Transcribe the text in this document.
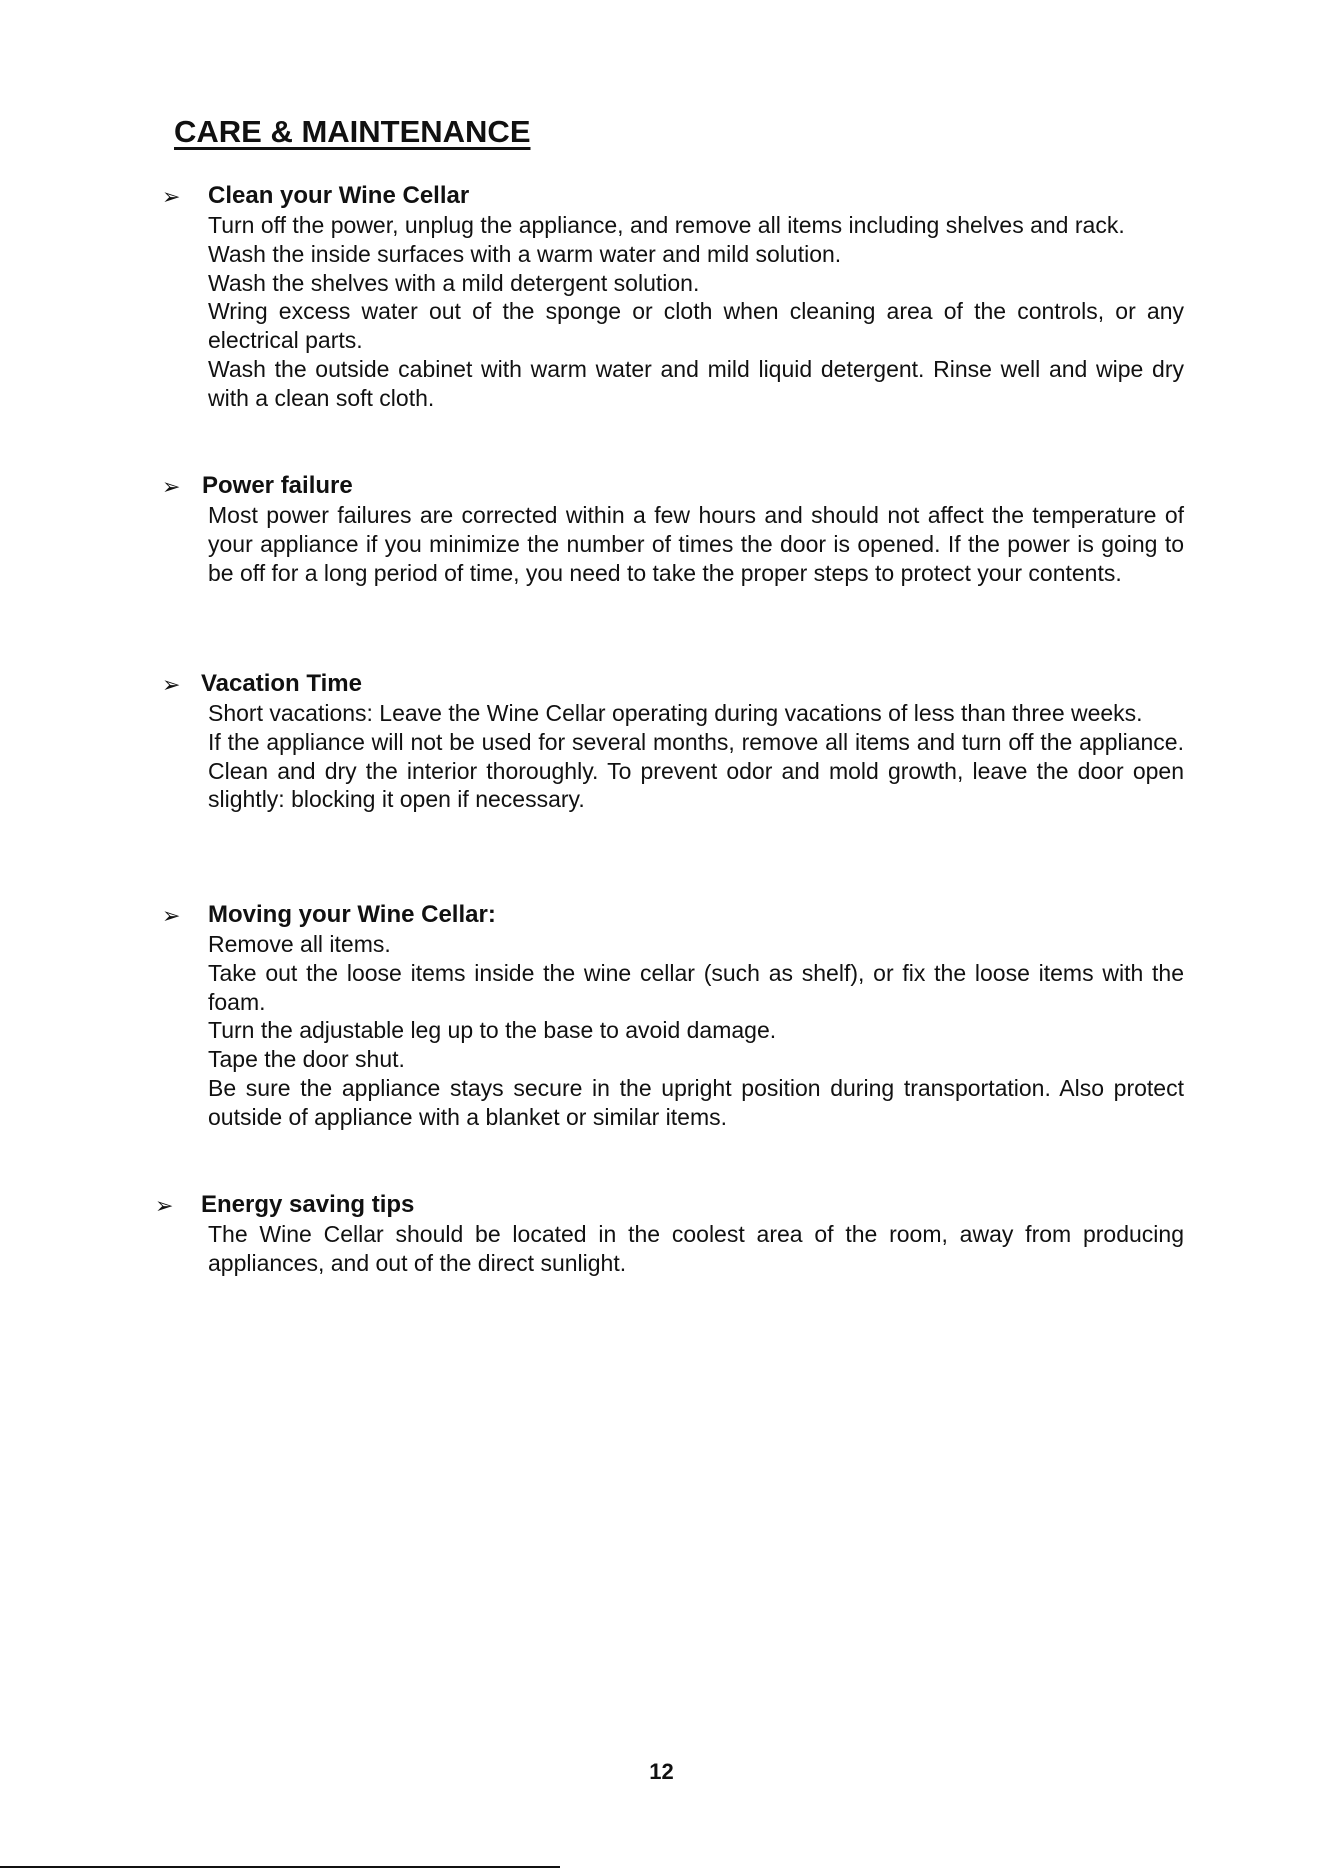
CARE & MAINTENANCE
➢ Clean your Wine Cellar

Turn off the power, unplug the appliance, and remove all items including shelves and rack.

Wash the inside surfaces with a warm water and mild solution.

Wash the shelves with a mild detergent solution.

Wring excess water out of the sponge or cloth when cleaning area of the controls, or any electrical parts.

Wash the outside cabinet with warm water and mild liquid detergent. Rinse well and wipe dry with a clean soft cloth.

➢ Power failure

Most power failures are corrected within a few hours and should not affect the temperature of your appliance if you minimize the number of times the door is opened. If the power is going to be off for a long period of time, you need to take the proper steps to protect your contents.

➢ Vacation Time

Short vacations: Leave the Wine Cellar operating during vacations of less than three weeks.

If the appliance will not be used for several months, remove all items and turn off the appliance. Clean and dry the interior thoroughly. To prevent odor and mold growth, leave the door open slightly: blocking it open if necessary.

➢ Moving your Wine Cellar:

Remove all items.

Take out the loose items inside the wine cellar (such as shelf), or fix the loose items with the foam.

Turn the adjustable leg up to the base to avoid damage.

Tape the door shut.

Be sure the appliance stays secure in the upright position during transportation. Also protect outside of appliance with a blanket or similar items.

➢ Energy saving tips

The Wine Cellar should be located in the coolest area of the room, away from producing appliances, and out of the direct sunlight.

12
